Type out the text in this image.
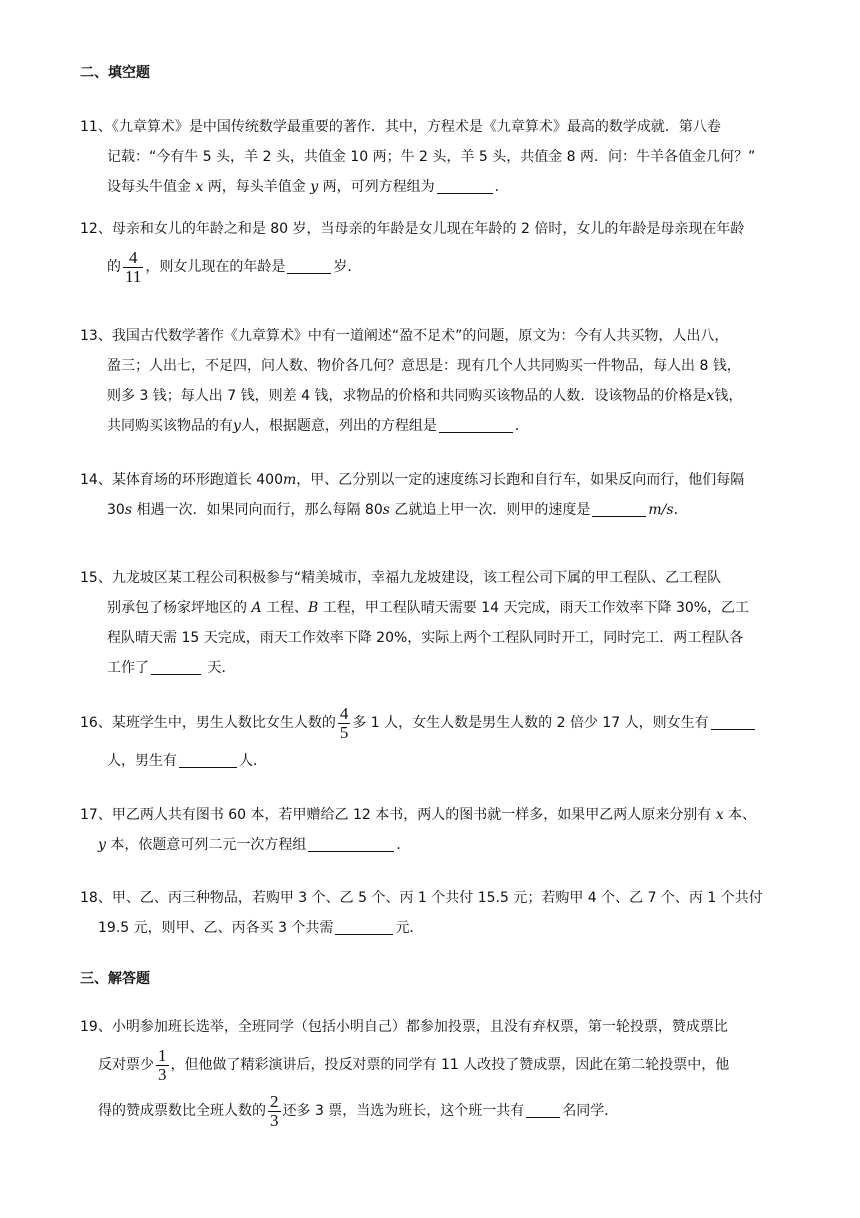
二、填空题
11、《九章算术》是中国传统数学最重要的著作．其中，方程术是《九章算术》最高的数学成就．第八卷
记载：“今有牛 5 头，羊 2 头，共值金 10 两；牛 2 头，羊 5 头，共值金 8 两．问：牛羊各值金几何？”
设每头牛值金 x 两，每头羊值金 y 两，可列方程组为	．
12、母亲和女儿的年龄之和是 80 岁，当母亲的年龄是女儿现在年龄的 2 倍时，女儿的年龄是母亲现在年龄
的 $\frac{4}{11}$ ，则女儿现在的年龄是	岁．
13、我国古代数学著作《九章算术》中有一道阐述“盈不足术”的问题，原文为：今有人共买物，人出八，
盈三；人出七，不足四，问人数、物价各几何？意思是：现有几个人共同购买一件物品，每人出 8 钱，
则多 3 钱；每人出 7 钱，则差 4 钱，求物品的价格和共同购买该物品的人数．设该物品的价格是x钱，
共同购买该物品的有y人，根据题意，列出的方程组是	．
14、某体育场的环形跑道长 400m，甲、乙分别以一定的速度练习长跑和自行车，如果反向而行，他们每隔
30s 相遇一次．如果同向而行，那么每隔 80s 乙就追上甲一次．则甲的速度是	m/s．
15、九龙坡区某工程公司积极参与“精美城市，幸福九龙坡建设，该工程公司下属的甲工程队、乙工程队
别承包了杨家坪地区的 A 工程、B 工程，甲工程队晴天需要 14 天完成，雨天工作效率下降 30%，乙工
程队晴天需 15 天完成，雨天工作效率下降 20%，实际上两个工程队同时开工，同时完工．两工程队各
工作了	天．
16、某班学生中，男生人数比女生人数的 $\frac{4}{5}$ 多 1 人，女生人数是男生人数的 2 倍少 17 人，则女生有
人，男生有	人．
17、甲乙两人共有图书 60 本，若甲赠给乙 12 本书，两人的图书就一样多，如果甲乙两人原来分别有 x 本、
y 本，依题意可列二元一次方程组	．
18、甲、乙、丙三种物品，若购甲 3 个、乙 5 个、丙 1 个共付 15.5 元；若购甲 4 个、乙 7 个、丙 1 个共付
19.5 元，则甲、乙、丙各买 3 个共需	元．
三、解答题
19、小明参加班长选举，全班同学（包括小明自己）都参加投票，且没有弃权票，第一轮投票，赞成票比
反对票少 $\frac{1}{3}$ ，但他做了精彩演讲后，投反对票的同学有 11 人改投了赞成票，因此在第二轮投票中，他
得的赞成票数比全班人数的 $\frac{2}{3}$ 还多 3 票，当选为班长，这个班一共有	名同学．
